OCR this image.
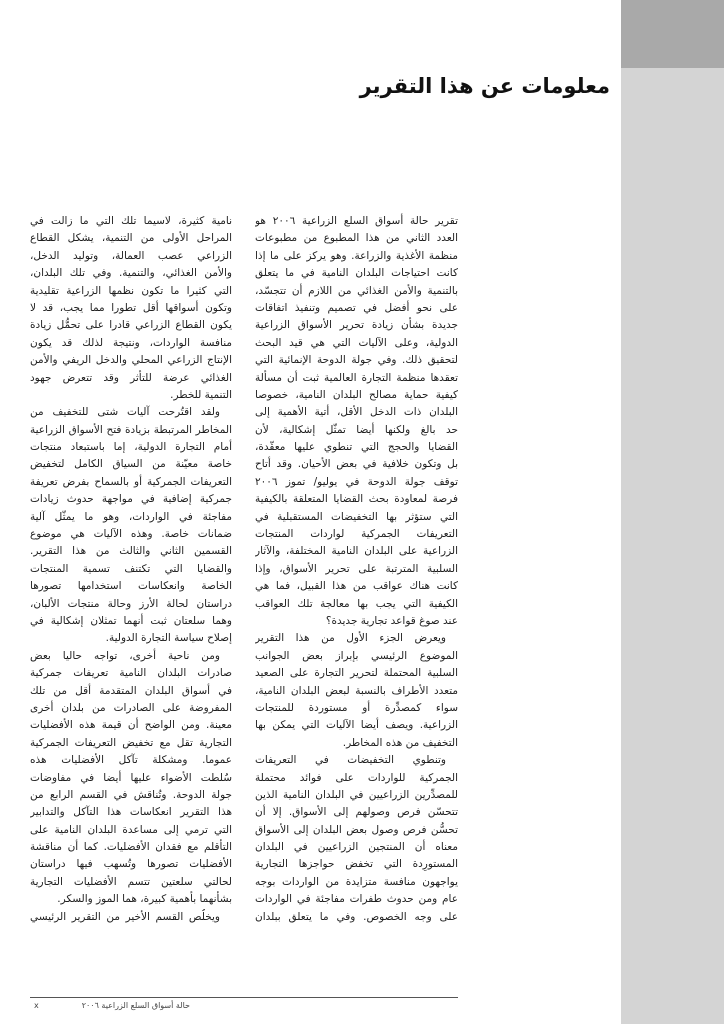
معلومات عن هذا التقرير
تقرير حالة أسواق السلع الزراعية ٢٠٠٦ هو
العدد الثاني من هذا المطبوع من مطبوعات
منظمة الأغذية والزراعة. وهو يركز على ما إذا
كانت احتياجات البلدان النامية في ما يتعلق
بالتنمية والأمن الغذائي من اللازم أن تتجسّد،
على نحو أفضل في تصميم وتنفيذ اتفاقات
جديدة بشأن زيادة تحرير الأسواق الزراعية
الدولية، وعلى الآليات التي هي قيد البحث
لتحقيق ذلك. وفي جولة الدوحة الإنمائية التي
تعقدها منظمة التجارة العالمية ثبت أن مسألة
كيفية حماية مصالح البلدان النامية، خصوصا
البلدان ذات الدخل الأقل، أتية الأهمية إلى
حد بالغ ولكنها أيضا تمثّل إشكالية، لأن
القضايا والحجج التي تنطوي عليها معقّدة،
بل وتكون خلافية في بعض الأحيان. وقد أتاح
توقف جولة الدوحة في يوليو/ تموز ٢٠٠٦
فرصة لمعاودة بحث القضايا المتعلقة بالكيفية
التي ستؤثر بها التخفيضات المستقبلية في
التعريفات الجمركية لواردات المنتجات
الزراعية على البلدان النامية المختلفة، والآثار
السلبية المترتبة على تحرير الأسواق، وإذا
كانت هناك عواقب من هذا القبيل، فما هي
الكيفية التي يجب بها معالجة تلك العواقب
عند صوغ قواعد تجارية جديدة؟
ويعرض الجزء الأول من هذا التقرير
الموضوع الرئيسي بإبراز بعض الجوانب
السلبية المحتملة لتحرير التجارة على الصعيد
متعدد الأطراف بالنسبة لبعض البلدان النامية،
سواء كمصدِّرة أو مستوردة للمنتجات
الزراعية. ويصف أيضا الآليات التي يمكن بها
التخفيف من هذه المخاطر.
وتنطوي التخفيضات في التعريفات
الجمركية للواردات على فوائد محتملة
للمصدِّرين الزراعيين في البلدان النامية الذين
تتحسّن فرص وصولهم إلى الأسواق. إلا أن
تحسُّن فرص وصول بعض البلدان إلى الأسواق
معناه أن المنتجين الزراعيين في البلدان
المستورِدة التي تخفض حواجزها التجارية
يواجهون منافسة متزايدة من الواردات بوجه
عام ومن حدوث طفرات مفاجئة في الواردات
على وجه الخصوص. وفي ما يتعلق ببلدان
نامية كثيرة، لاسيما تلك التي ما زالت في
المراحل الأولى من التنمية، يشكل القطاع
الزراعي عصب العمالة، وتوليد الدخل،
والأمن الغذائي، والتنمية. وفي تلك البلدان،
التي كثيرا ما تكون نظمها الزراعية تقليدية
وتكون أسواقها أقل تطورا مما يجب، قد لا
يكون القطاع الزراعي قادرا على تحمُّل زيادة
منافسة الواردات، ونتيجة لذلك قد يكون
الإنتاج الزراعي المحلي والدخل الريفي والأمن
الغذائي عرضة للتأثر وقد تتعرض جهود
التنمية للخطر.
ولقد اقتُرحت آليات شتى للتخفيف من
المخاطر المرتبطة بزيادة فتح الأسواق الزراعية
أمام التجارة الدولية، إما باستبعاد منتجات
خاصة معيّنة من السياق الكامل لتخفيض
التعريفات الجمركية أو بالسماح بفرض تعريفة
جمركية إضافية في مواجهة حدوث زيادات
مفاجئة في الواردات، وهو ما يمثّل آلية
ضمانات خاصة. وهذه الآليات هي موضوع
القسمين الثاني والثالث من هذا التقرير.
والقضايا التي تكتنف تسمية المنتجات
الخاصة وانعكاسات استخدامها تصورها
دراستان لحالة الأرز وحالة منتجات الألبان،
وهما سلعتان ثبت أنهما تمثلان إشكالية في
إصلاح سياسة التجارة الدولية.
ومن ناحية أخرى، تواجه حاليا بعض
صادرات البلدان النامية تعريفات جمركية
في أسواق البلدان المتقدمة أقل من تلك
المفروضة على الصادرات من بلدان أخرى
معينة. ومن الواضح أن قيمة هذه الأفضليات
التجارية تقل مع تخفيض التعريفات الجمركية
عموما. ومشكلة تآكل الأفضليات هذه
سُلطت الأضواء عليها أيضا في مفاوضات
جولة الدوحة. وتُناقش في القسم الرابع من
هذا التقرير انعكاسات هذا التآكل والتدابير
التي ترمي إلى مساعدة البلدان النامية على
التأقلم مع فقدان الأفضليات. كما أن مناقشة
الأفضليات تصورها وتُسهب فيها دراستان
لحالتي سلعتين تتسم الأفضليات التجارية
بشأنهما بأهمية كبيرة، هما الموز والسكر.
ويخلُص القسم الأخير من التقرير الرئيسي
x	حالة أسواق السلع الزراعية ٢٠٠٦
